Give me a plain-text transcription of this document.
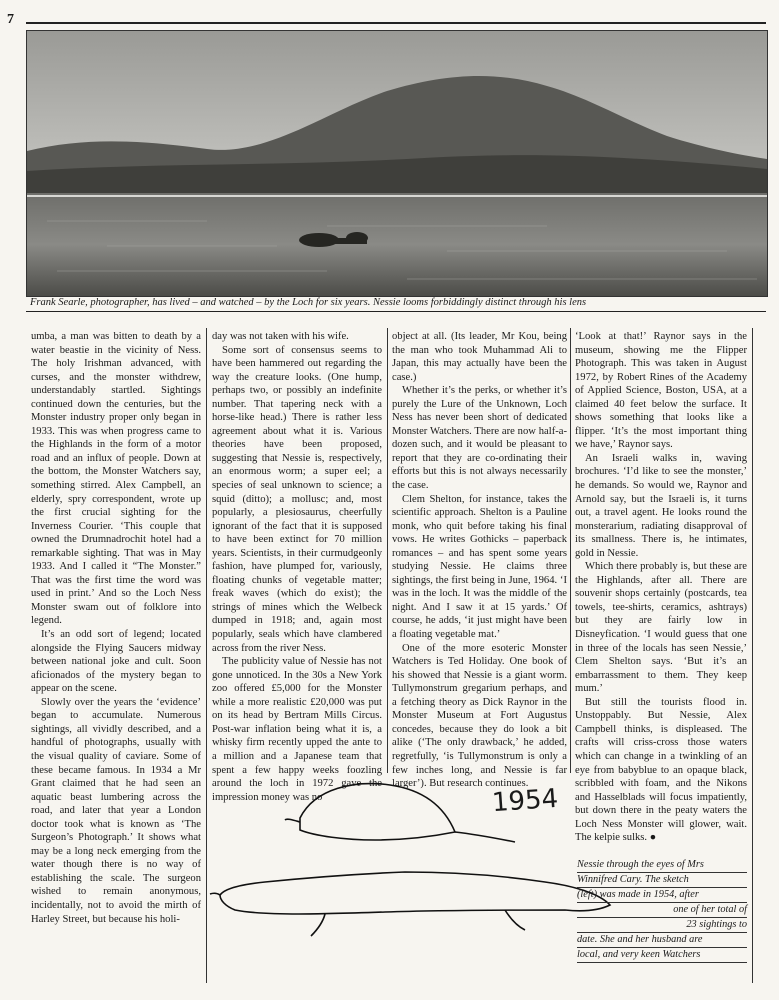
7
Frank Searle, photographer, has lived – and watched – by the Loch for six years. Nessie looms forbiddingly distinct through his lens

umba, a man was bitten to death by a water beastie in the vicinity of Ness. The holy Irishman advanced, with curses, and the monster withdrew, understandably startled. Sightings continued down the centuries, but the Monster industry proper only began in 1933. This was when progress came to the Highlands in the form of a motor road and an influx of people. Down at the bottom, the Monster Watchers say, something stirred. Alex Campbell, an elderly, spry correspondent, wrote up the first crucial sighting for the Inverness Courier. ‘This couple that owned the Drumnadrochit hotel had a remarkable sighting. That was in May 1933. And I called it “The Monster.” That was the first time the word was used in print.’ And so the Loch Ness Monster swam out of folklore into legend.

It’s an odd sort of legend; located alongside the Flying Saucers midway between national joke and cult. Soon aficionados of the mystery began to appear on the scene.

Slowly over the years the ‘evidence’ began to accumulate. Numerous sightings, all vividly described, and a handful of photographs, usually with the visual quality of caviare. Some of these became famous. In 1934 a Mr Grant claimed that he had seen an aquatic beast lumbering across the road, and later that year a London doctor took what is known as ‘The Surgeon’s Photograph.’ It shows what may be a long neck emerging from the water though there is no way of establishing the scale. The surgeon wished to remain anonymous, incidentally, not to avoid the mirth of Harley Street, but because his holi-

day was not taken with his wife.

Some sort of consensus seems to have been hammered out regarding the way the creature looks. (One hump, perhaps two, or possibly an indefinite number. That tapering neck with a horse-like head.) There is rather less agreement about what it is. Various theories have been proposed, suggesting that Nessie is, respectively, an enormous worm; a super eel; a species of seal unknown to science; a squid (ditto); a mollusc; and, most popularly, a plesiosaurus, cheerfully ignorant of the fact that it is supposed to have been extinct for 70 million years. Scientists, in their curmudgeonly fashion, have plumped for, variously, floating chunks of vegetable matter; freak waves (which do exist); the strings of mines which the Welbeck dumped in 1918; and, again most popularly, seals which have clambered across from the river Ness.

The publicity value of Nessie has not gone unnoticed. In the 30s a New York zoo offered £5,000 for the Monster while a more realistic £20,000 was put on its head by Bertram Mills Circus. Post-war inflation being what it is, a whisky firm recently upped the ante to a million and a Japanese team that spent a few happy weeks foozling around the loch in 1972 gave the impression money was no

object at all. (Its leader, Mr Kou, being the man who took Muhammad Ali to Japan, this may actually have been the case.)

Whether it’s the perks, or whether it’s purely the Lure of the Unknown, Loch Ness has never been short of dedicated Monster Watchers. There are now half-a-dozen such, and it would be pleasant to report that they are co-ordinating their efforts but this is not always necessarily the case.

Clem Shelton, for instance, takes the scientific approach. Shelton is a Pauline monk, who quit before taking his final vows. He writes Gothicks – paperback romances – and has spent some years studying Nessie. He claims three sightings, the first being in June, 1964. ‘I was in the loch. It was the middle of the night. And I saw it at 15 yards.’ Of course, he adds, ‘it just might have been a floating vegetable mat.’

One of the more esoteric Monster Watchers is Ted Holiday. One book of his showed that Nessie is a giant worm. Tullymonstrum gregarium perhaps, and a fetching theory as Dick Raynor in the Monster Museum at Fort Augustus concedes, because they do look a bit alike (‘The only drawback,’ he added, regretfully, ‘is Tullymonstrum is only a few inches long, and Nessie is far larger’). But research continues.

‘Look at that!’ Raynor says in the museum, showing me the Flipper Photograph. This was taken in August 1972, by Robert Rines of the Academy of Applied Science, Boston, USA, at a claimed 40 feet below the surface. It shows something that looks like a flipper. ‘It’s the most important thing we have,’ Raynor says.

An Israeli walks in, waving brochures. ‘I’d like to see the monster,’ he demands. So would we, Raynor and Arnold say, but the Israeli is, it turns out, a travel agent. He looks round the monsterarium, radiating disapproval of its smallness. There is, he intimates, gold in Nessie.

Which there probably is, but these are the Highlands, after all. There are souvenir shops certainly (postcards, tea towels, tee-shirts, ceramics, ashtrays) but they are fairly low in Disneyfication. ‘I would guess that one in three of the locals has seen Nessie,’ Clem Shelton says. ‘But it’s an embarrassment to them. They keep mum.’

But still the tourists flood in. Unstoppably. But Nessie, Alex Campbell thinks, is displeased. The crafts will criss-cross those waters which can change in a twinkling of an eye from babyblue to an opaque black, scribbled with foam, and the Nikons and Hasselblads will focus impatiently, but down there in the peaty waters the Loch Ness Monster will glower, wait. The kelpie sulks. ●

1954
Nessie through the eyes of Mrs
Winnifred Cary. The sketch
(left) was made in 1954, after
one of her total of
23 sightings to
date. She and her husband are
local, and very keen Watchers
